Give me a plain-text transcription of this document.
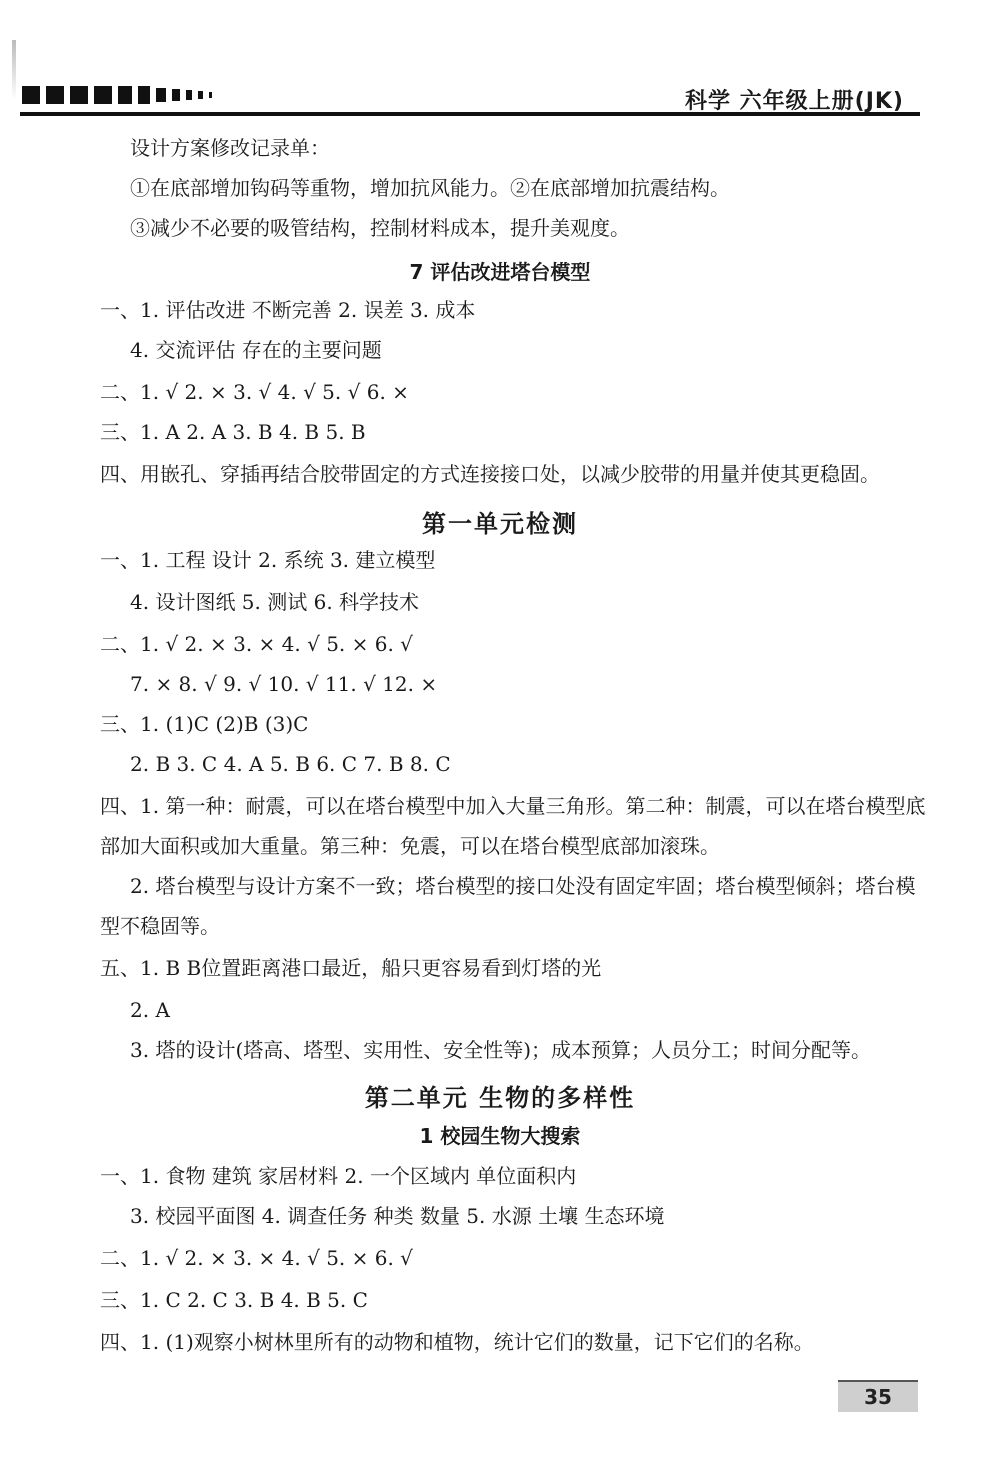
科学 六年级上册(JK)
设计方案修改记录单：
①在底部增加钩码等重物，增加抗风能力。②在底部增加抗震结构。
③减少不必要的吸管结构，控制材料成本，提升美观度。
7 评估改进塔台模型
一、1. 评估改进 不断完善 2. 误差 3. 成本
4. 交流评估 存在的主要问题
二、1. √ 2. × 3. √ 4. √ 5. √ 6. ×
三、1. A 2. A 3. B 4. B 5. B
四、用嵌孔、穿插再结合胶带固定的方式连接接口处，以减少胶带的用量并使其更稳固。
第一单元检测
一、1. 工程 设计 2. 系统 3. 建立模型
4. 设计图纸 5. 测试 6. 科学技术
二、1. √ 2. × 3. × 4. √ 5. × 6. √
7. × 8. √ 9. √ 10. √ 11. √ 12. ×
三、1. (1)C (2)B (3)C
2. B 3. C 4. A 5. B 6. C 7. B 8. C
四、1. 第一种：耐震，可以在塔台模型中加入大量三角形。第二种：制震，可以在塔台模型底
部加大面积或加大重量。第三种：免震，可以在塔台模型底部加滚珠。
2. 塔台模型与设计方案不一致；塔台模型的接口处没有固定牢固；塔台模型倾斜；塔台模
型不稳固等。
五、1. B B位置距离港口最近，船只更容易看到灯塔的光
2. A
3. 塔的设计(塔高、塔型、实用性、安全性等)；成本预算；人员分工；时间分配等。
第二单元 生物的多样性
1 校园生物大搜索
一、1. 食物 建筑 家居材料 2. 一个区域内 单位面积内
3. 校园平面图 4. 调查任务 种类 数量 5. 水源 土壤 生态环境
二、1. √ 2. × 3. × 4. √ 5. × 6. √
三、1. C 2. C 3. B 4. B 5. C
四、1. (1)观察小树林里所有的动物和植物，统计它们的数量，记下它们的名称。
35
